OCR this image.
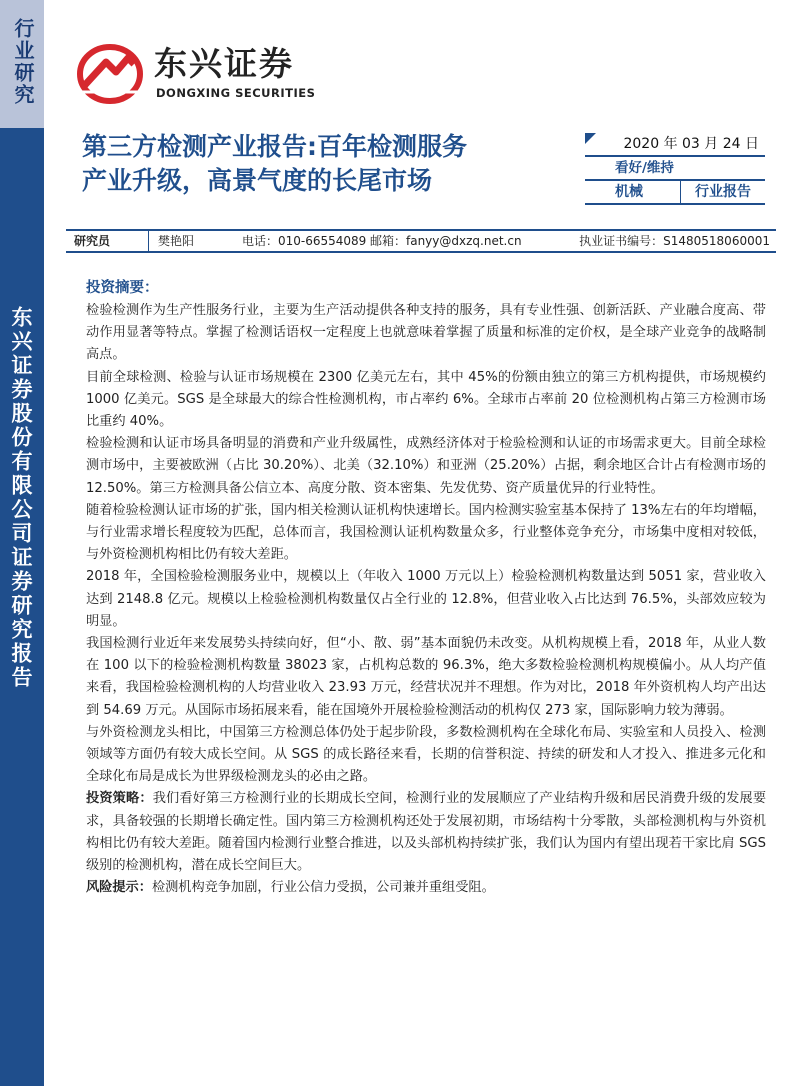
行业研究
东兴证券股份有限公司证券研究报告
东兴证券
DONGXING SECURITIES
第三方检测产业报告:百年检测服务
产业升级，高景气度的长尾市场
2020 年 03 月 24 日
看好/维持
机械	行业报告
研究员	樊艳阳	电话：010-66554089 邮箱：fanyy@dxzq.net.cn	执业证书编号：S1480518060001
投资摘要：

检验检测作为生产性服务行业，主要为生产活动提供各种支持的服务，具有专业性强、创新活跃、产业融合度高、带动作用显著等特点。掌握了检测话语权一定程度上也就意味着掌握了质量和标准的定价权，是全球产业竞争的战略制高点。

目前全球检测、检验与认证市场规模在 2300 亿美元左右，其中 45%的份额由独立的第三方机构提供，市场规模约 1000 亿美元。SGS 是全球最大的综合性检测机构，市占率约 6%。全球市占率前 20 位检测机构占第三方检测市场比重约 40%。

检验检测和认证市场具备明显的消费和产业升级属性，成熟经济体对于检验检测和认证的市场需求更大。目前全球检测市场中，主要被欧洲（占比 30.20%）、北美（32.10%）和亚洲（25.20%）占据，剩余地区合计占有检测市场的 12.50%。第三方检测具备公信立本、高度分散、资本密集、先发优势、资产质量优异的行业特性。

随着检验检测认证市场的扩张，国内相关检测认证机构快速增长。国内检测实验室基本保持了 13%左右的年均增幅，与行业需求增长程度较为匹配，总体而言，我国检测认证机构数量众多，行业整体竞争充分，市场集中度相对较低，与外资检测机构相比仍有较大差距。

2018 年，全国检验检测服务业中，规模以上（年收入 1000 万元以上）检验检测机构数量达到 5051 家，营业收入达到 2148.8 亿元。规模以上检验检测机构数量仅占全行业的 12.8%，但营业收入占比达到 76.5%，头部效应较为明显。

我国检测行业近年来发展势头持续向好，但“小、散、弱”基本面貌仍未改变。从机构规模上看，2018 年，从业人数在 100 以下的检验检测机构数量 38023 家，占机构总数的 96.3%，绝大多数检验检测机构规模偏小。从人均产值来看，我国检验检测机构的人均营业收入 23.93 万元，经营状况并不理想。作为对比，2018 年外资机构人均产出达到 54.69 万元。从国际市场拓展来看，能在国境外开展检验检测活动的机构仅 273 家，国际影响力较为薄弱。

与外资检测龙头相比，中国第三方检测总体仍处于起步阶段，多数检测机构在全球化布局、实验室和人员投入、检测领域等方面仍有较大成长空间。从 SGS 的成长路径来看，长期的信誉积淀、持续的研发和人才投入、推进多元化和全球化布局是成长为世界级检测龙头的必由之路。

投资策略：我们看好第三方检测行业的长期成长空间，检测行业的发展顺应了产业结构升级和居民消费升级的发展要求，具备较强的长期增长确定性。国内第三方检测机构还处于发展初期，市场结构十分零散，头部检测机构与外资机构相比仍有较大差距。随着国内检测行业整合推进，以及头部机构持续扩张，我们认为国内有望出现若干家比肩 SGS 级别的检测机构，潜在成长空间巨大。

风险提示：检测机构竞争加剧，行业公信力受损，公司兼并重组受阻。
